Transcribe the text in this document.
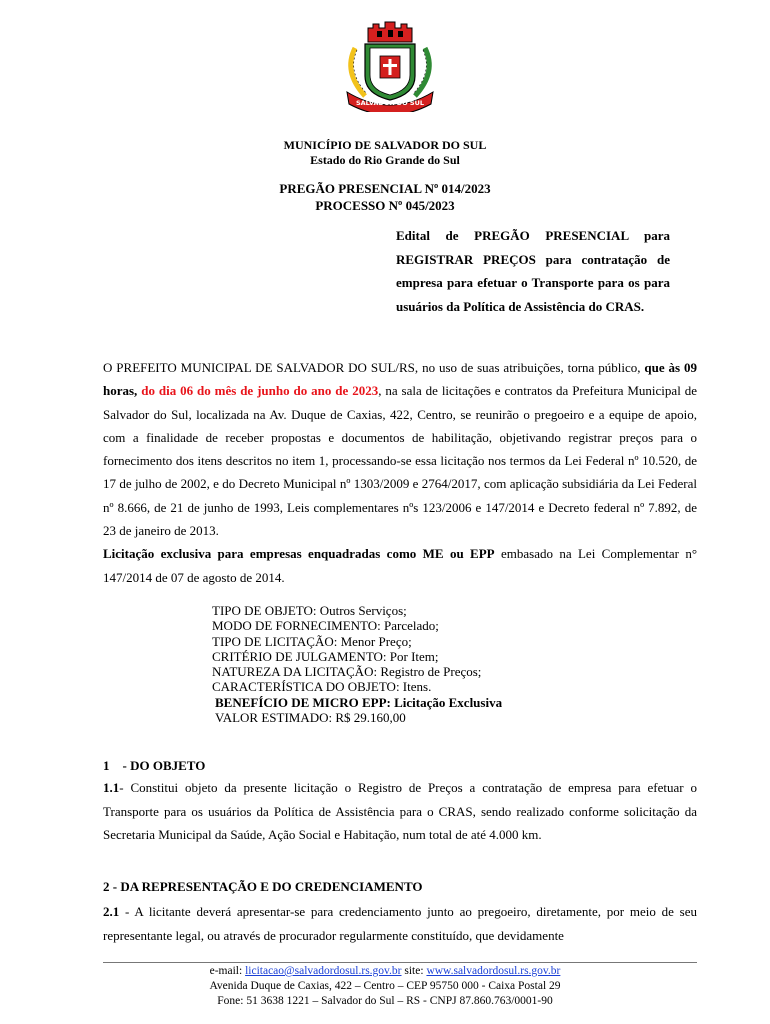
SALVADOR DO SUL
MUNICÍPIO DE SALVADOR DO SUL
Estado do Rio Grande do Sul
PREGÃO PRESENCIAL Nº 014/2023
PROCESSO Nº 045/2023
Edital de PREGÃO PRESENCIAL para REGISTRAR PREÇOS para contratação de empresa para efetuar o Transporte para os para usuários da Política de Assistência do CRAS.
O PREFEITO MUNICIPAL DE SALVADOR DO SUL/RS, no uso de suas atribuições, torna público, que às 09 horas, do dia 06 do mês de junho do ano de 2023, na sala de licitações e contratos da Prefeitura Municipal de Salvador do Sul, localizada na Av. Duque de Caxias, 422, Centro, se reunirão o pregoeiro e a equipe de apoio, com a finalidade de receber propostas e documentos de habilitação, objetivando registrar preços para o fornecimento dos itens descritos no item 1, processando-se essa licitação nos termos da Lei Federal nº 10.520, de 17 de julho de 2002, e do Decreto Municipal nº 1303/2009 e 2764/2017, com aplicação subsidiária da Lei Federal nº 8.666, de 21 de junho de 1993, Leis complementares nºs 123/2006 e 147/2014 e Decreto federal nº 7.892, de 23 de janeiro de 2013.
Licitação exclusiva para empresas enquadradas como ME ou EPP embasado na Lei Complementar n° 147/2014 de 07 de agosto de 2014.
TIPO DE OBJETO: Outros Serviços;
MODO DE FORNECIMENTO: Parcelado;
TIPO DE LICITAÇÃO: Menor Preço;
CRITÉRIO DE JULGAMENTO: Por Item;
NATUREZA DA LICITAÇÃO: Registro de Preços;
CARACTERÍSTICA DO OBJETO: Itens.
BENEFÍCIO DE MICRO EPP: Licitação Exclusiva
VALOR ESTIMADO: R$ 29.160,00
1    - DO OBJETO
1.1- Constitui objeto da presente licitação o Registro de Preços a contratação de empresa para efetuar o Transporte para os usuários da Política de Assistência para o CRAS, sendo realizado conforme solicitação da Secretaria Municipal da Saúde, Ação Social e Habitação, num total de até 4.000 km.
2 - DA REPRESENTAÇÃO E DO CREDENCIAMENTO
2.1 - A licitante deverá apresentar-se para credenciamento junto ao pregoeiro, diretamente, por meio de seu representante legal, ou através de procurador regularmente constituído, que devidamente
e-mail: licitacao@salvadordosul.rs.gov.br site: www.salvadordosul.rs.gov.br
Avenida Duque de Caxias, 422 – Centro – CEP 95750 000 - Caixa Postal 29
Fone: 51 3638 1221 – Salvador do Sul – RS - CNPJ 87.860.763/0001-90
